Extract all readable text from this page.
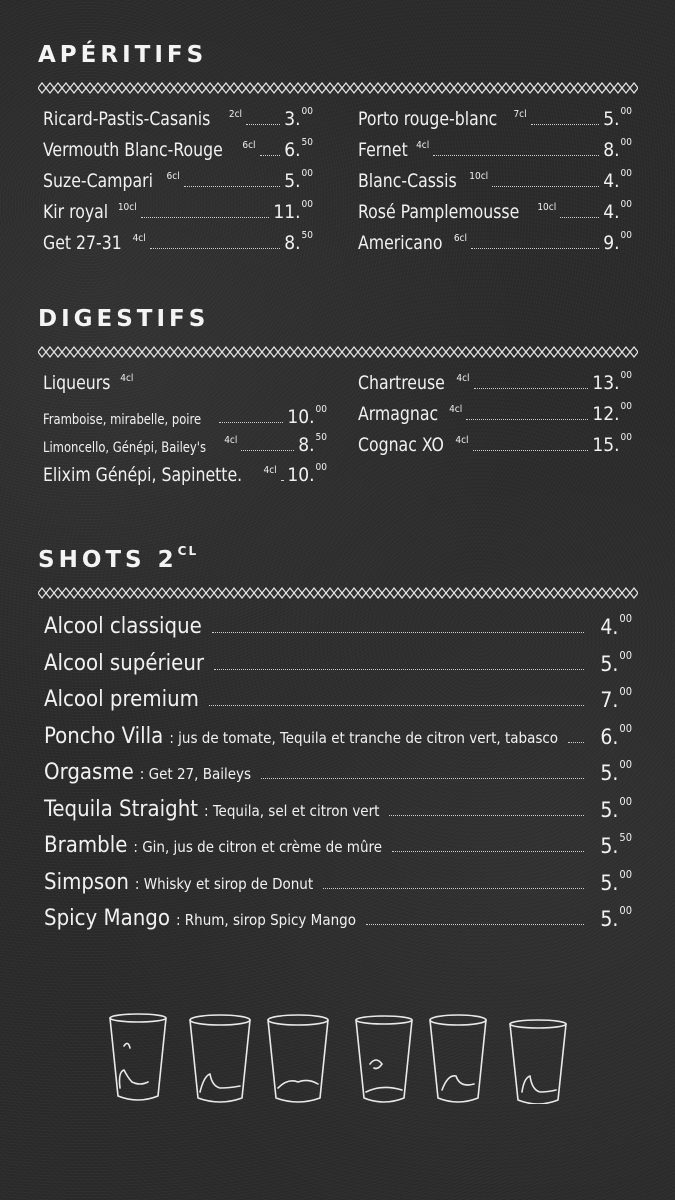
APÉRITIFS
Ricard-Pastis-Casanis 2cl 3.00
Vermouth Blanc-Rouge 6cl 6.50
Suze-Campari 6cl	5.00
Kir royal 10cl	11.00
Get 27-31 4cl	8.50
Porto rouge-blanc 7cl	5.00
Fernet 4cl	8.00
Blanc-Cassis 10cl	4.00
Rosé Pamplemousse 10cl 4.00
Americano 6cl	9.00
DIGESTIFS
Liqueurs 4cl
Framboise, mirabelle, poire	10.00
Limoncello, Génépi, Bailey's 4cl	8.50
Elixim Génépi, Sapinette. 4cl 10.00
Chartreuse 4cl	13.00
Armagnac 4cl	12.00
Cognac XO 4cl	15.00
SHOTS $2^{CL}$
Alcool classique	4.00
Alcool supérieur	5.00
Alcool premium	7.00
Poncho Villa : jus de tomate, Tequila et tranche de citron vert, tabasco 6.00
Orgasme : Get 27, Baileys	5.00
Tequila Straight : Tequila, sel et citron vert	5.00
Bramble : Gin, jus de citron et crème de mûre	5.50
Simpson : Whisky et sirop de Donut	5.00
Spicy Mango : Rhum, sirop Spicy Mango	5.00
